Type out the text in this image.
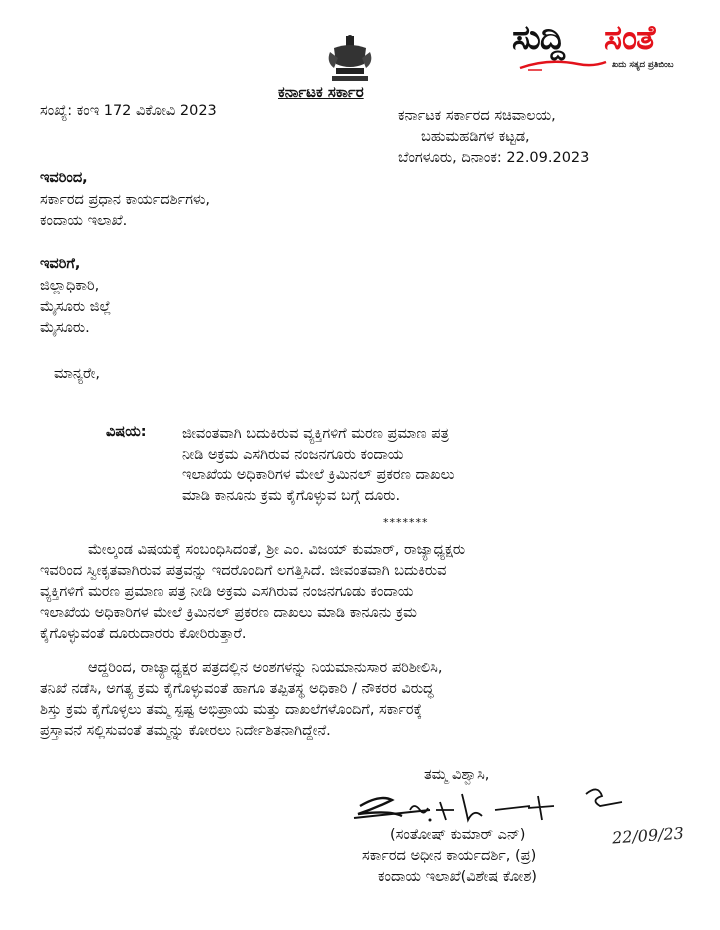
ಸುದ್ದಿ ಸಂತೆ
ಖದು ಸತ್ಯದ ಪ್ರತಿಬಿಂಬ
ಕರ್ನಾಟಕ ಸರ್ಕಾರ
ಸಂಖ್ಯೆ: ಕಂಇ 172 ವಿಕೋವಿ 2023	ಕರ್ನಾಟಕ ಸರ್ಕಾರದ ಸಚಿವಾಲಯ,
ಬಹುಮಹಡಿಗಳ ಕಟ್ಟಡ,
ಬೆಂಗಳೂರು, ದಿನಾಂಕ: 22.09.2023
ಇವರಿಂದ,
ಸರ್ಕಾರದ ಪ್ರಧಾನ ಕಾರ್ಯದರ್ಶಿಗಳು,
ಕಂದಾಯ ಇಲಾಖೆ.
ಇವರಿಗೆ,
ಜಿಲ್ಲಾಧಿಕಾರಿ,
ಮೈಸೂರು ಜಿಲ್ಲೆ
ಮೈಸೂರು.
ಮಾನ್ಯರೇ,
ವಿಷಯ: ಜೀವಂತವಾಗಿ ಬದುಕಿರುವ ವ್ಯಕ್ತಿಗಳಿಗೆ ಮರಣ ಪ್ರಮಾಣ ಪತ್ರ

ನೀಡಿ ಅಕ್ರಮ ಎಸಗಿರುವ ನಂಜನಗೂರು ಕಂದಾಯ

ಇಲಾಖೆಯ ಅಧಿಕಾರಿಗಳ ಮೇಲೆ ಕ್ರಿಮಿನಲ್ ಪ್ರಕರಣ ದಾಖಲು

ಮಾಡಿ ಕಾನೂನು ಕ್ರಮ ಕೈಗೊಳ್ಳುವ ಬಗ್ಗೆ ದೂರು.

*******

ಮೇಲ್ಕಂಡ ವಿಷಯಕ್ಕೆ ಸಂಬಂಧಿಸಿದಂತೆ, ಶ್ರೀ ಎಂ. ವಿಜಯ್ ಕುಮಾರ್, ರಾಜ್ಯಾಧ್ಯಕ್ಷರು

ಇವರಿಂದ ಸ್ವೀಕೃತವಾಗಿರುವ ಪತ್ರವನ್ನು ಇದರೊಂದಿಗೆ ಲಗತ್ತಿಸಿದೆ. ಜೀವಂತವಾಗಿ ಬದುಕಿರುವ

ವ್ಯಕ್ತಿಗಳಿಗೆ ಮರಣ ಪ್ರಮಾಣ ಪತ್ರ ನೀಡಿ ಅಕ್ರಮ ಎಸಗಿರುವ ನಂಜನಗೂಡು ಕಂದಾಯ

ಇಲಾಖೆಯ ಅಧಿಕಾರಿಗಳ ಮೇಲೆ ಕ್ರಿಮಿನಲ್ ಪ್ರಕರಣ ದಾಖಲು ಮಾಡಿ ಕಾನೂನು ಕ್ರಮ

ಕೈಗೊಳ್ಳುವಂತೆ ದೂರುದಾರರು ಕೋರಿರುತ್ತಾರೆ.

ಆದ್ದರಿಂದ, ರಾಜ್ಯಾಧ್ಯಕ್ಷರ ಪತ್ರದಲ್ಲಿನ ಅಂಶಗಳನ್ನು ನಿಯಮಾನುಸಾರ ಪರಿಶೀಲಿಸಿ,

ತನಿಖೆ ನಡೆಸಿ, ಅಗತ್ಯ ಕ್ರಮ ಕೈಗೊಳ್ಳುವಂತೆ ಹಾಗೂ ತಪ್ಪಿತಸ್ಥ ಅಧಿಕಾರಿ / ನೌಕರರ ವಿರುದ್ಧ

ಶಿಸ್ತು ಕ್ರಮ ಕೈಗೊಳ್ಳಲು ತಮ್ಮ ಸ್ಪಷ್ಟ ಅಭಿಪ್ರಾಯ ಮತ್ತು ದಾಖಲೆಗಳೊಂದಿಗೆ, ಸರ್ಕಾರಕ್ಕೆ

ಪ್ರಸ್ತಾವನೆ ಸಲ್ಲಿಸುವಂತೆ ತಮ್ಮನ್ನು ಕೋರಲು ನಿರ್ದೇಶಿತನಾಗಿದ್ದೇನೆ.

ತಮ್ಮ ವಿಶ್ವಾಸಿ,
22/09/23
(ಸಂತೋಷ್ ಕುಮಾರ್ ಎನ್)
ಸರ್ಕಾರದ ಅಧೀನ ಕಾರ್ಯದರ್ಶಿ, (ಪ್ರ)
ಕಂದಾಯ ಇಲಾಖೆ(ವಿಶೇಷ ಕೋಶ)
